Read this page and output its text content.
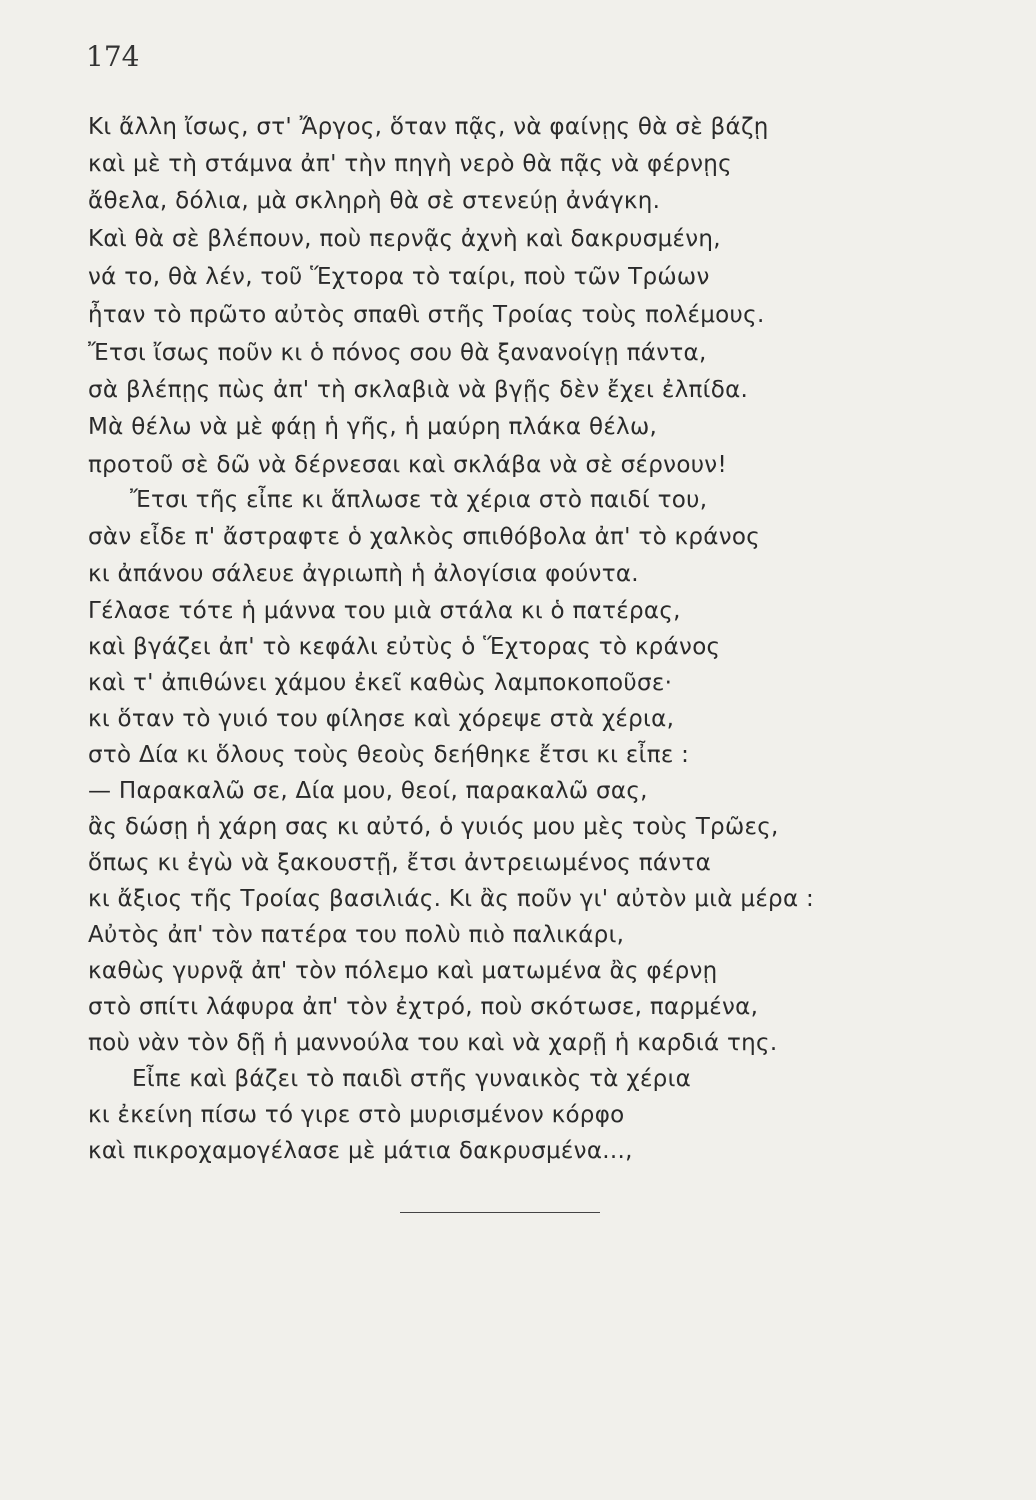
174
Κι ἄλλη ἴσως, στ' Ἄργος, ὅταν πᾷς, νὰ φαίνῃς θὰ σὲ βάζῃ
καὶ μὲ τὴ στάμνα ἀπ' τὴν πηγὴ νερὸ θὰ πᾷς νὰ φέρνῃς
ἄθελα, δόλια, μὰ σκληρὴ θὰ σὲ στενεύῃ ἀνάγκη.
Καὶ θὰ σὲ βλέπουν, ποὺ περνᾷς ἀχνὴ καὶ δακρυσμένη,
νά το, θὰ λέν, τοῦ Ἕχτορα τὸ ταίρι, ποὺ τῶν Τρώων
ἦταν τὸ πρῶτο αὐτὸς σπαθὶ στῆς Τροίας τοὺς πολέμους.
Ἔτσι ἴσως ποῦν κι ὁ πόνος σου θὰ ξανανοίγῃ πάντα,
σὰ βλέπῃς πὼς ἀπ' τὴ σκλαβιὰ νὰ βγῇς δὲν ἔχει ἐλπίδα.
Μὰ θέλω νὰ μὲ φάῃ ἡ γῆς, ἡ μαύρη πλάκα θέλω,
προτοῦ σὲ δῶ νὰ δέρνεσαι καὶ σκλάβα νὰ σὲ σέρνουν!
Ἔτσι τῆς εἶπε κι ἅπλωσε τὰ χέρια στὸ παιδί του,
σὰν εἶδε π' ἄστραφτε ὁ χαλκὸς σπιθόβολα ἀπ' τὸ κράνος
κι ἀπάνου σάλευε ἀγριωπὴ ἡ ἀλογίσια φούντα.
Γέλασε τότε ἡ μάννα του μιὰ στάλα κι ὁ πατέρας,
καὶ βγάζει ἀπ' τὸ κεφάλι εὐτὺς ὁ Ἕχτορας τὸ κράνος
καὶ τ' ἀπιθώνει χάμου ἐκεῖ καθὼς λαμποκοποῦσε·
κι ὅταν τὸ γυιό του φίλησε καὶ χόρεψε στὰ χέρια,
στὸ Δία κι ὅλους τοὺς θεοὺς δεήθηκε ἔτσι κι εἶπε :
— Παρακαλῶ σε, Δία μου, θεοί, παρακαλῶ σας,
ἂς δώσῃ ἡ χάρη σας κι αὐτό, ὁ γυιός μου μὲς τοὺς Τρῶες,
ὅπως κι ἐγὼ νὰ ξακουστῇ, ἔτσι ἀντρειωμένος πάντα
κι ἄξιος τῆς Τροίας βασιλιάς. Κι ἂς ποῦν γι' αὐτὸν μιὰ μέρα :
Αὐτὸς ἀπ' τὸν πατέρα του πολὺ πιὸ παλικάρι,
καθὼς γυρνᾷ ἀπ' τὸν πόλεμο καὶ ματωμένα ἂς φέρνῃ
στὸ σπίτι λάφυρα ἀπ' τὸν ἐχτρό, ποὺ σκότωσε, παρμένα,
ποὺ νὰν τὸν δῇ ἡ μαννούλα του καὶ νὰ χαρῇ ἡ καρδιά της.
Εἶπε καὶ βάζει τὸ παιδὶ στῆς γυναικὸς τὰ χέρια
κι ἐκείνη πίσω τό γιρε στὸ μυρισμένον κόρφο
καὶ πικροχαμογέλασε μὲ μάτια δακρυσμένα...,
